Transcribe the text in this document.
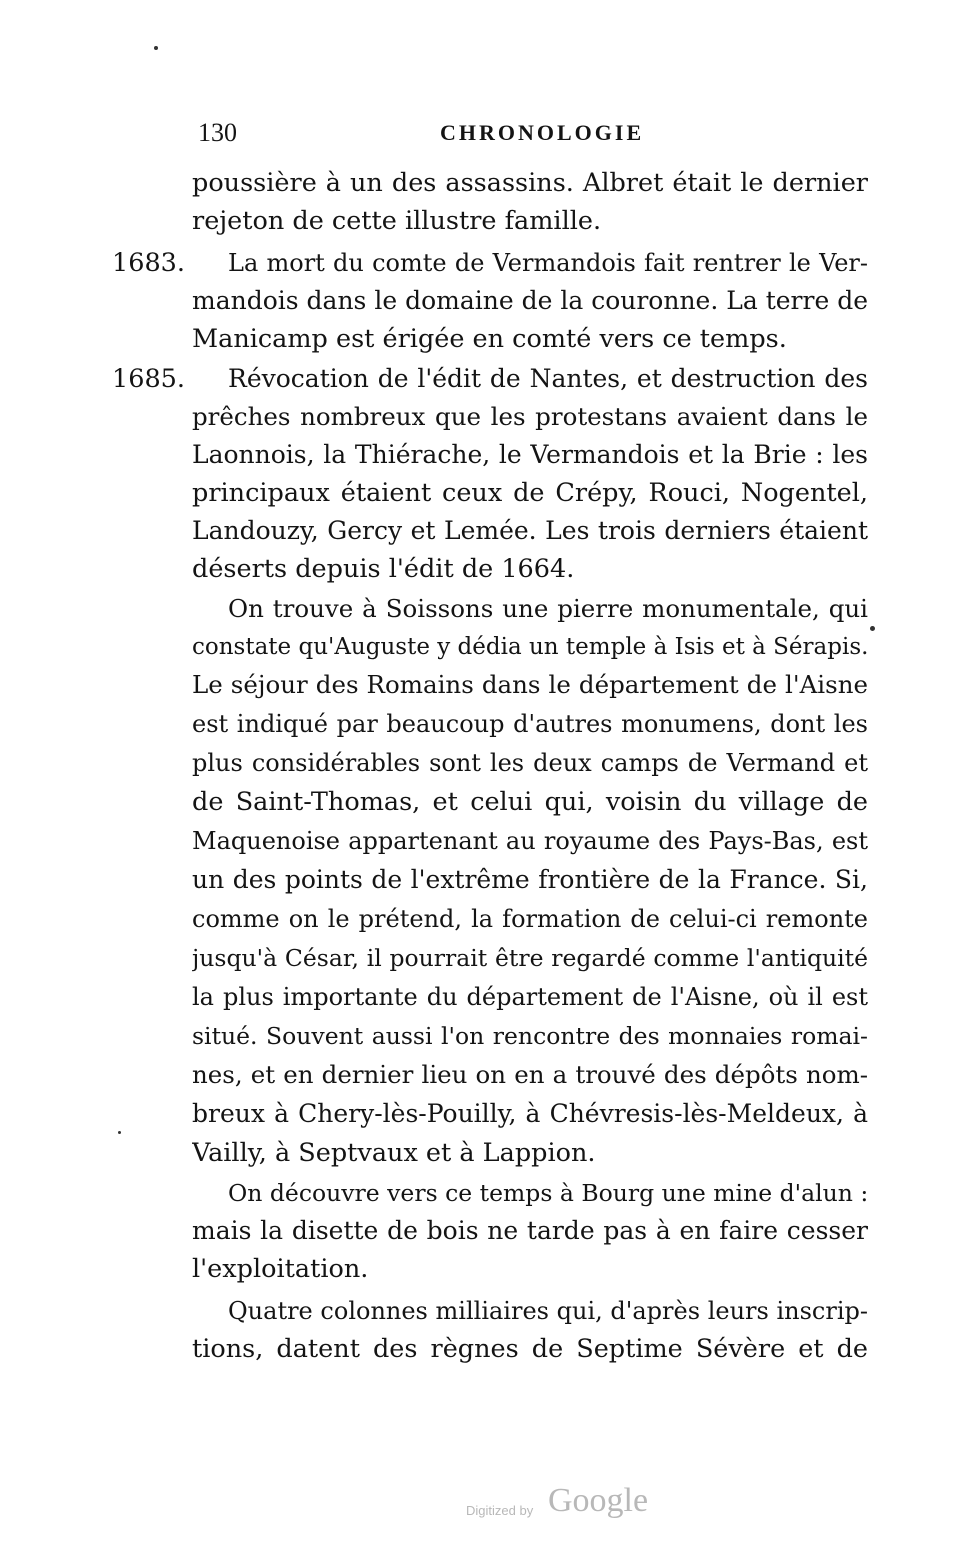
130	CHRONOLOGIE
1683.
1685.
poussière à un des assassins. Albret était le dernier
rejeton de cette illustre famille.
La mort du comte de Vermandois fait rentrer le Ver-
mandois dans le domaine de la couronne. La terre de
Manicamp est érigée en comté vers ce temps.
Révocation de l'édit de Nantes, et destruction des
prêches nombreux que les protestans avaient dans le
Laonnois, la Thiérache, le Vermandois et la Brie : les
principaux étaient ceux de Crépy, Rouci, Nogentel,
Landouzy, Gercy et Lemée. Les trois derniers étaient
déserts depuis l'édit de 1664.
On trouve à Soissons une pierre monumentale, qui
constate qu'Auguste y dédia un temple à Isis et à Sérapis.
Le séjour des Romains dans le département de l'Aisne
est indiqué par beaucoup d'autres monumens, dont les
plus considérables sont les deux camps de Vermand et
de Saint-Thomas, et celui qui, voisin du village de
Maquenoise appartenant au royaume des Pays-Bas, est
un des points de l'extrême frontière de la France. Si,
comme on le prétend, la formation de celui-ci remonte
jusqu'à César, il pourrait être regardé comme l'antiquité
la plus importante du département de l'Aisne, où il est
situé. Souvent aussi l'on rencontre des monnaies romai-
nes, et en dernier lieu on en a trouvé des dépôts nom-
breux à Chery-lès-Pouilly, à Chévresis-lès-Meldeux, à
Vailly, à Septvaux et à Lappion.
On découvre vers ce temps à Bourg une mine d'alun :
mais la disette de bois ne tarde pas à en faire cesser
l'exploitation.
Quatre colonnes milliaires qui, d'après leurs inscrip-
tions, datent des règnes de Septime Sévère et de
Digitized by Google
